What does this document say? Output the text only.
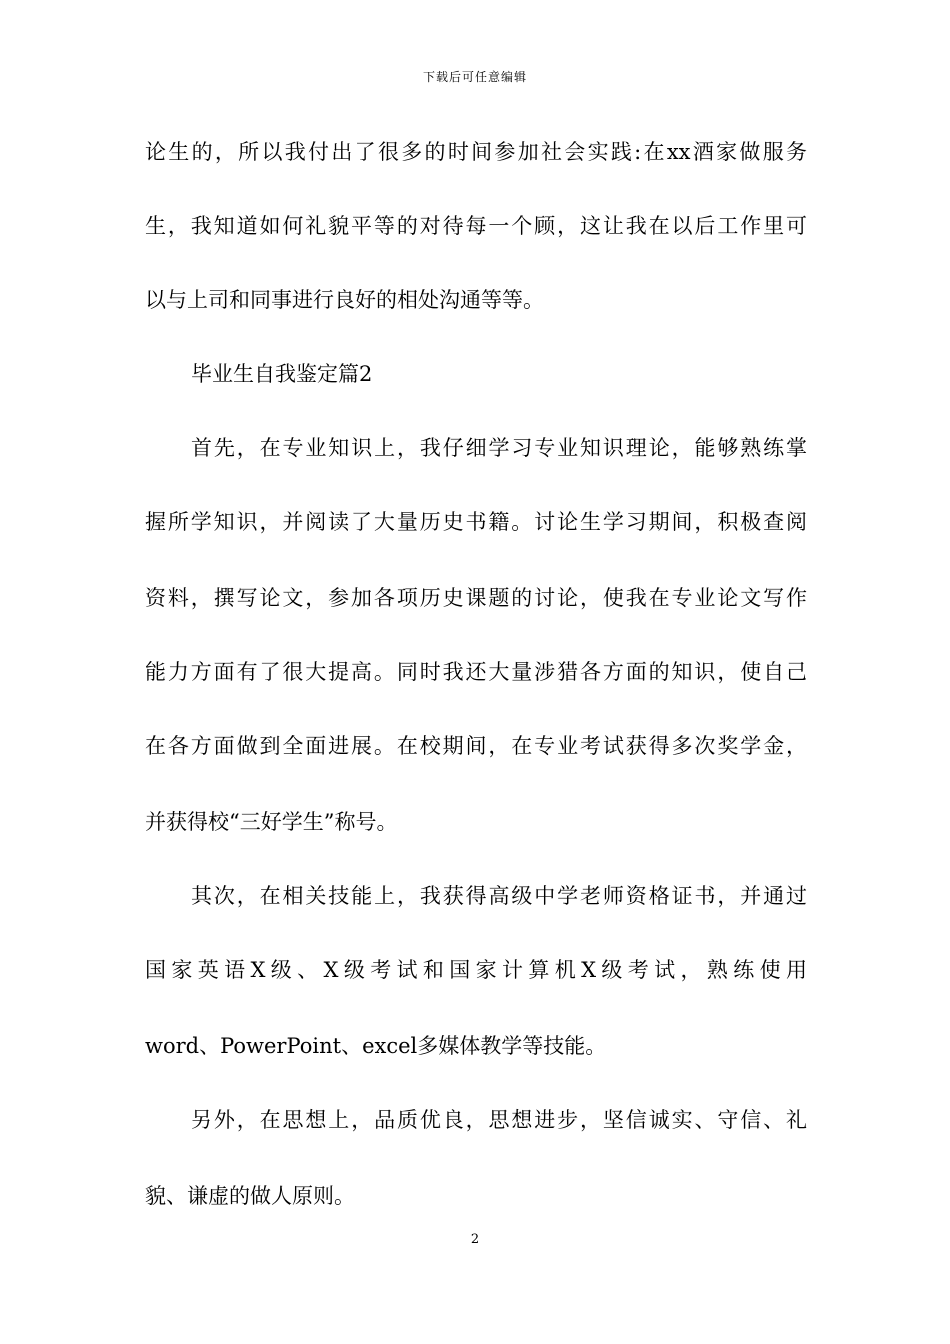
下载后可任意编辑
论生的，所以我付出了很多的时间参加社会实践:在xx酒家做服务
生，我知道如何礼貌平等的对待每一个顾，这让我在以后工作里可
以与上司和同事进行良好的相处沟通等等。
毕业生自我鉴定篇2
首先，在专业知识上，我仔细学习专业知识理论，能够熟练掌
握所学知识，并阅读了大量历史书籍。讨论生学习期间，积极查阅
资料，撰写论文，参加各项历史课题的讨论，使我在专业论文写作
能力方面有了很大提高。同时我还大量涉猎各方面的知识，使自己
在各方面做到全面进展。在校期间，在专业考试获得多次奖学金，
并获得校“三好学生”称号。
其次，在相关技能上，我获得高级中学老师资格证书，并通过
国家英语X级、X级考试和国家计算机X级考试，熟练使用
word、PowerPoint、excel多媒体教学等技能。
另外，在思想上，品质优良，思想进步，坚信诚实、守信、礼
貌、谦虚的做人原则。
2
